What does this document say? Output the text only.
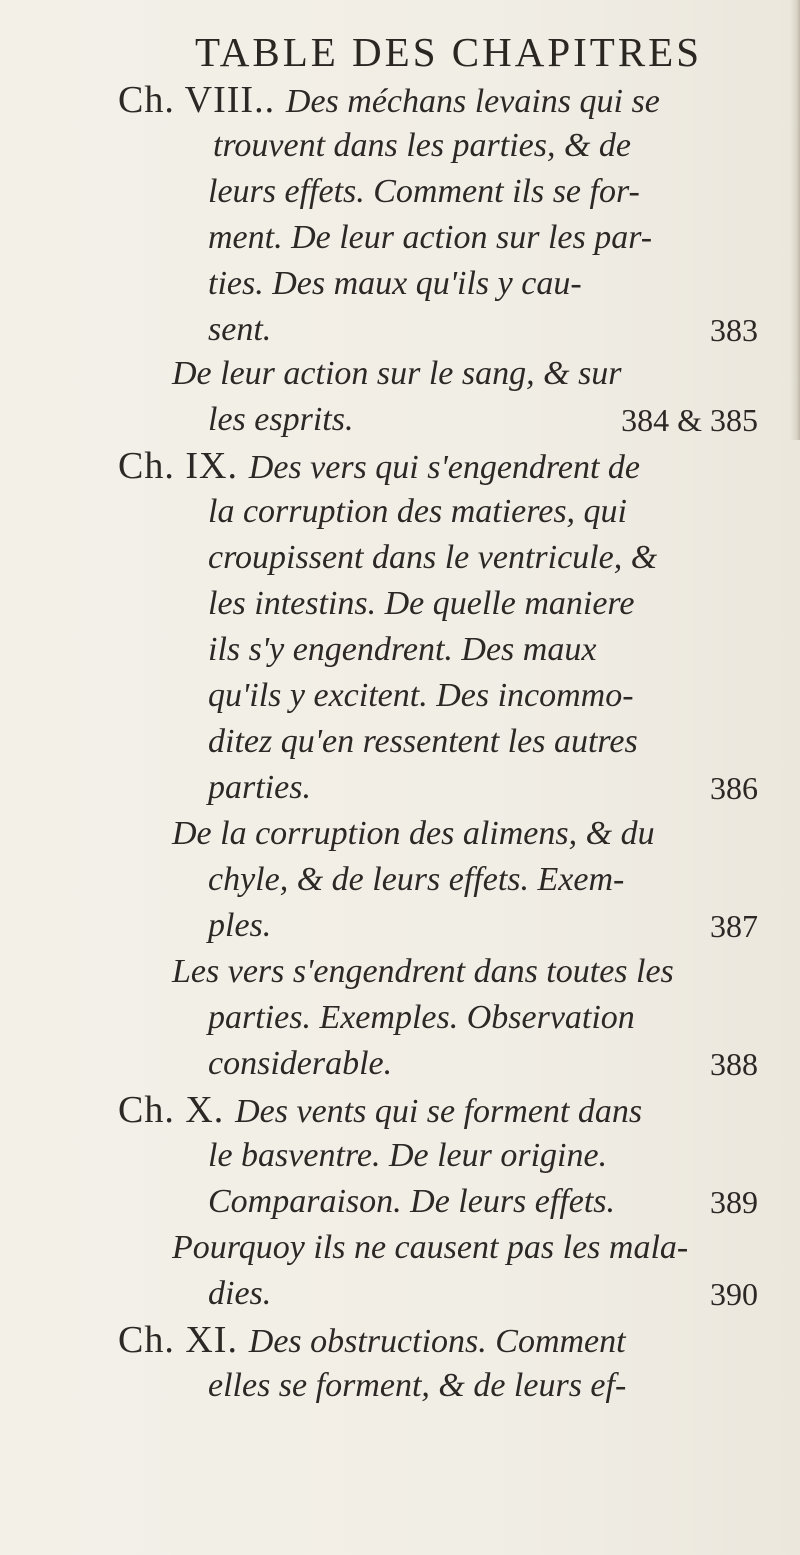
TABLE DES CHAPITRES
Ch. VIII.. Des méchans levains qui se
trouvent dans les parties, & de
leurs effets. Comment ils se for-
ment. De leur action sur les par-
ties. Des maux qu'ils y cau-
sent.	383
De leur action sur le sang, & sur
les esprits.	384 & 385
Ch. IX. Des vers qui s'engendrent de
la corruption des matieres, qui
croupissent dans le ventricule, &
les intestins. De quelle maniere
ils s'y engendrent. Des maux
qu'ils y excitent. Des incommo-
ditez qu'en ressentent les autres
parties.	386
De la corruption des alimens, & du
chyle, & de leurs effets. Exem-
ples.	387
Les vers s'engendrent dans toutes les
parties. Exemples. Observation
considerable.	388
Ch. X. Des vents qui se forment dans
le basventre. De leur origine.
Comparaison. De leurs effets.	389
Pourquoy ils ne causent pas les mala-
dies.	390
Ch. XI. Des obstructions. Comment
elles se forment, & de leurs ef-
